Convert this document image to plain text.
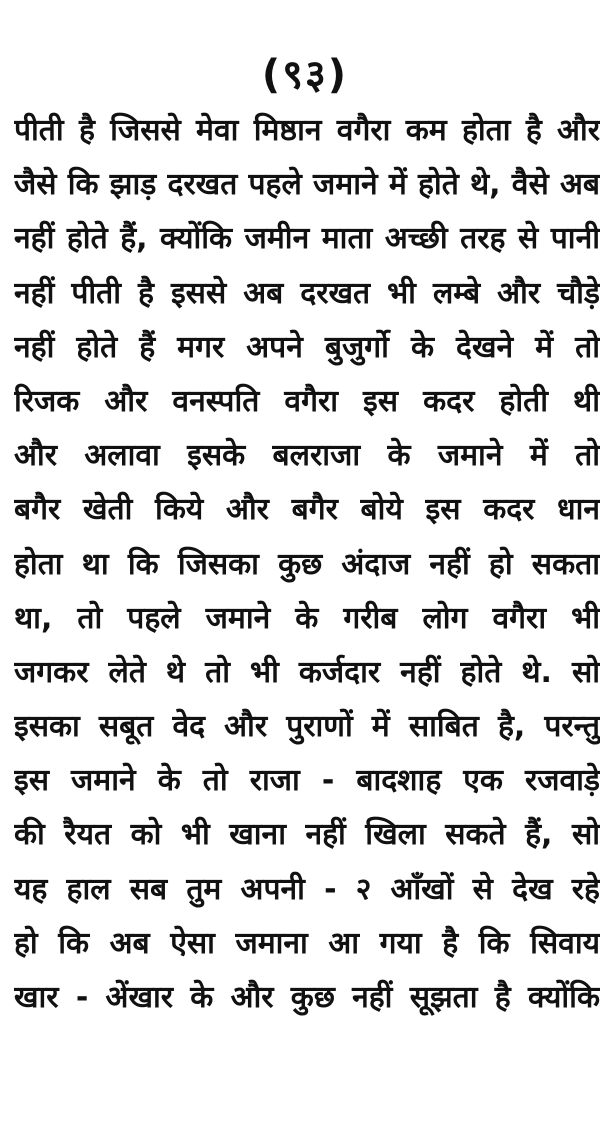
(९३)
पीती है जिससे मेवा मिष्ठान वगैरा कम होता है और
जैसे कि झाड़ दरखत पहले जमाने में होते थे, वैसे अब
नहीं होते हैं, क्योंकि जमीन माता अच्छी तरह से पानी
नहीं पीती है इससे अब दरखत भी लम्बे और चौड़े
नहीं होते हैं मगर अपने बुजुर्गो के देखने में तो
रिजक और वनस्पति वगैरा इस कदर होती थी
और अलावा इसके बलराजा के जमाने में तो
बगैर खेती किये और बगैर बोये इस कदर धान
होता था कि जिसका कुछ अंदाज नहीं हो सकता
था, तो पहले जमाने के गरीब लोग वगैरा भी
जगकर लेते थे तो भी कर्जदार नहीं होते थे. सो
इसका सबूत वेद और पुराणों में साबित है, परन्तु
इस जमाने के तो राजा - बादशाह एक रजवाड़े
की रैयत को भी खाना नहीं खिला सकते हैं, सो
यह हाल सब तुम अपनी - २ आँखों से देख रहे
हो कि अब ऐसा जमाना आ गया है कि सिवाय
खार - अेंखार के और कुछ नहीं सूझता है क्योंकि
